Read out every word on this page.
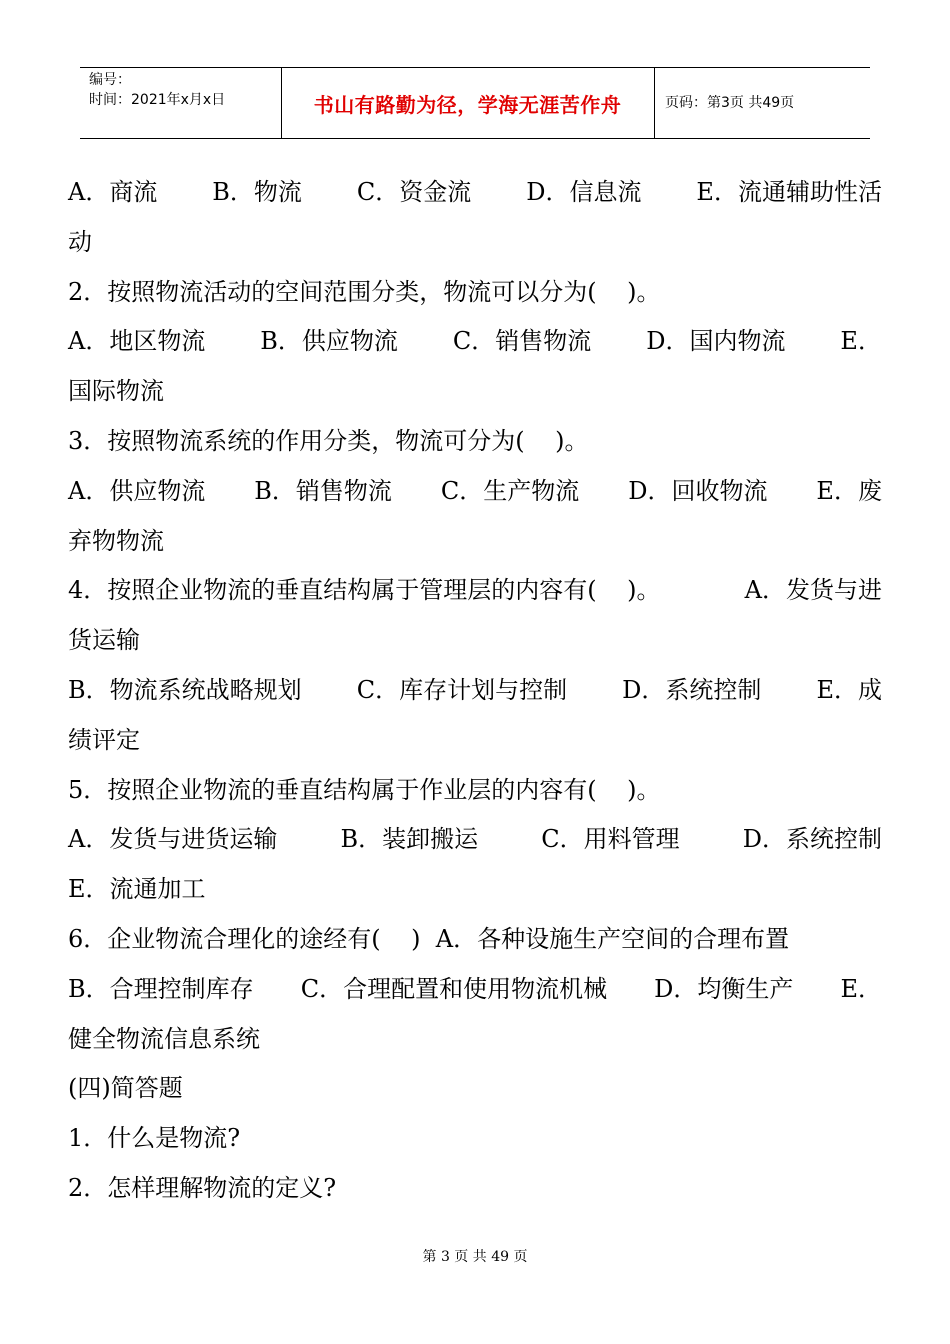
编号：
时间：2021年x月x日	书山有路勤为径，学海无涯苦作舟	页码：第3页 共49页
A．商流 B．物流 C．资金流 D．信息流 E．流通辅助性活
动
2．按照物流活动的空间范围分类，物流可以分为(    )。
A．地区物流 B．供应物流 C．销售物流 D．国内物流 E．
国际物流
3．按照物流系统的作用分类，物流可分为(    )。
A．供应物流 B．销售物流 C．生产物流 D．回收物流 E．废
弃物物流
4．按照企业物流的垂直结构属于管理层的内容有(    )。	A．发货与进
货运输
B．物流系统战略规划 C．库存计划与控制 D．系统控制 E．成
绩评定
5．按照企业物流的垂直结构属于作业层的内容有(    )。
A．发货与进货运输	B．装卸搬运	C．用料管理	D．系统控制
E．流通加工
6．企业物流合理化的途经有(    )  A．各种设施生产空间的合理布置
B．合理控制库存 C．合理配置和使用物流机械 D．均衡生产 E．
健全物流信息系统
(四)简答题
1．什么是物流?
2．怎样理解物流的定义?
第 3 页 共 49 页
